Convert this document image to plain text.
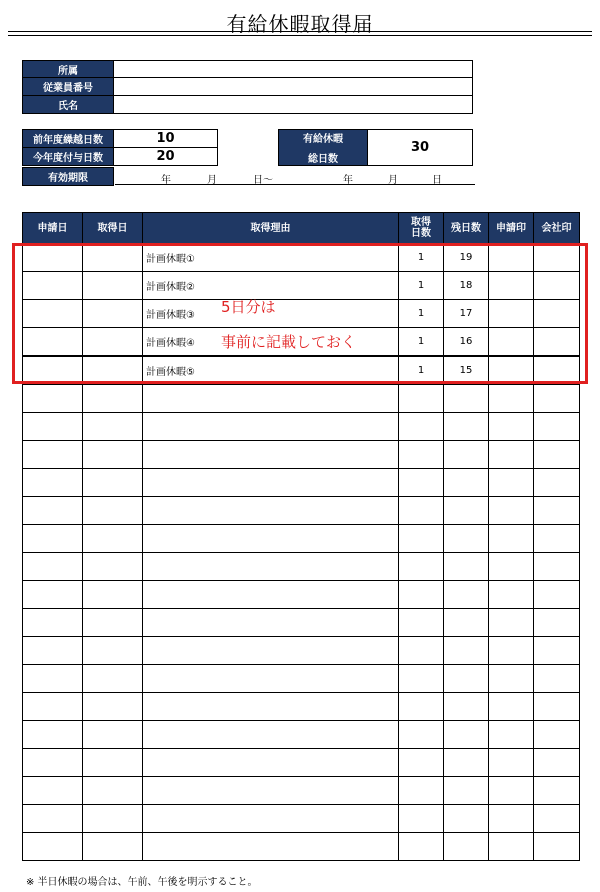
有給休暇取得届
所属
従業員番号
氏名
前年度繰越日数	10
今年度付与日数	20
有給休暇
総日数
30
有効期限	年	月	日～	年	月	日
申請日	取得日	取得理由	取得日数	残日数	申請印	会社印
		計画休暇①	1	19		
		計画休暇②	1	18		
		計画休暇③	1	17		
		計画休暇④	1	16		
		計画休暇⑤	1	15		

5日分は
事前に記載しておく
※ 半日休暇の場合は、午前、午後を明示すること。
